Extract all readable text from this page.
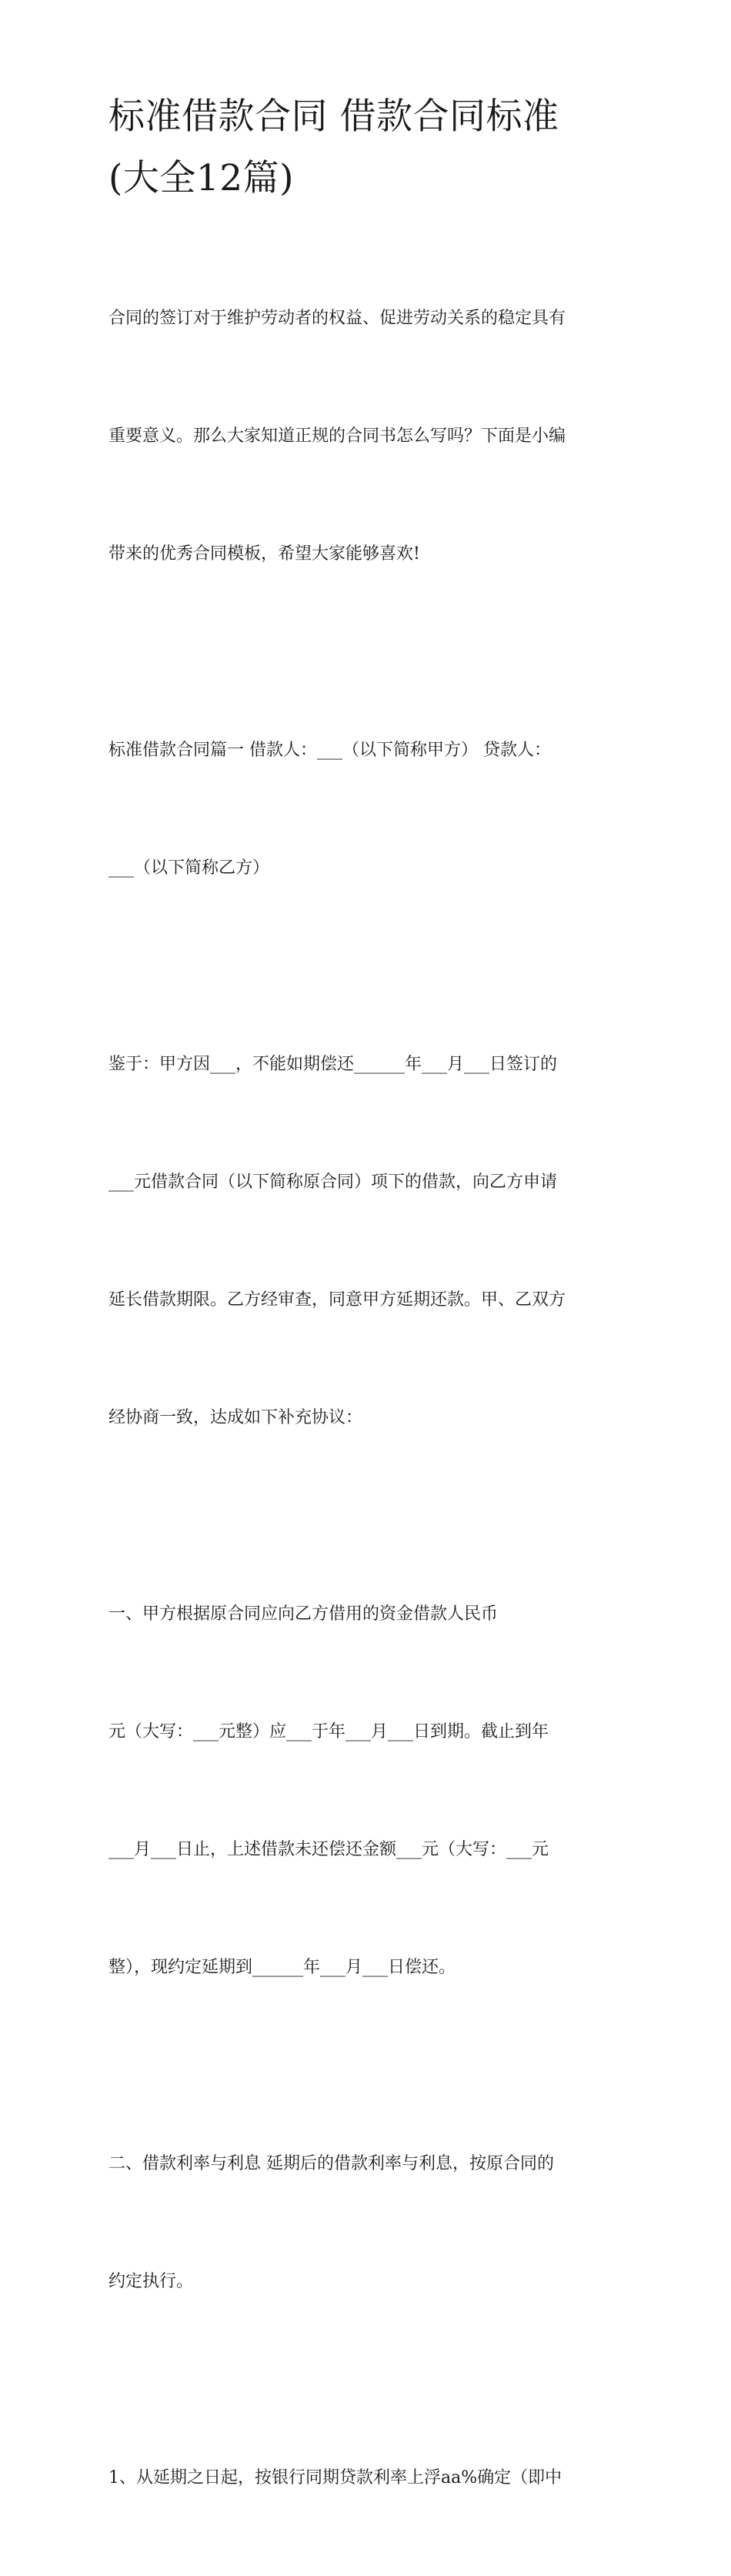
标准借款合同 借款合同标准
(大全12篇)

合同的签订对于维护劳动者的权益、促进劳动关系的稳定具有

重要意义。那么大家知道正规的合同书怎么写吗？下面是小编

带来的优秀合同模板，希望大家能够喜欢!

标准借款合同篇一 借款人：___（以下简称甲方） 贷款人：

___（以下简称乙方）

鉴于：甲方因___，不能如期偿还______年___月___日签订的

___元借款合同（以下简称原合同）项下的借款，向乙方申请

延长借款期限。乙方经审查，同意甲方延期还款。甲、乙双方

经协商一致，达成如下补充协议：

一、甲方根据原合同应向乙方借用的资金借款人民币

元（大写：___元整）应___于年___月___日到期。截止到年

___月___日止，上述借款未还偿还金额___元（大写：___元

整），现约定延期到______年___月___日偿还。

二、借款利率与利息 延期后的借款利率与利息，按原合同的

约定执行。

1、从延期之日起，按银行同期贷款利率上浮aa%确定（即中
